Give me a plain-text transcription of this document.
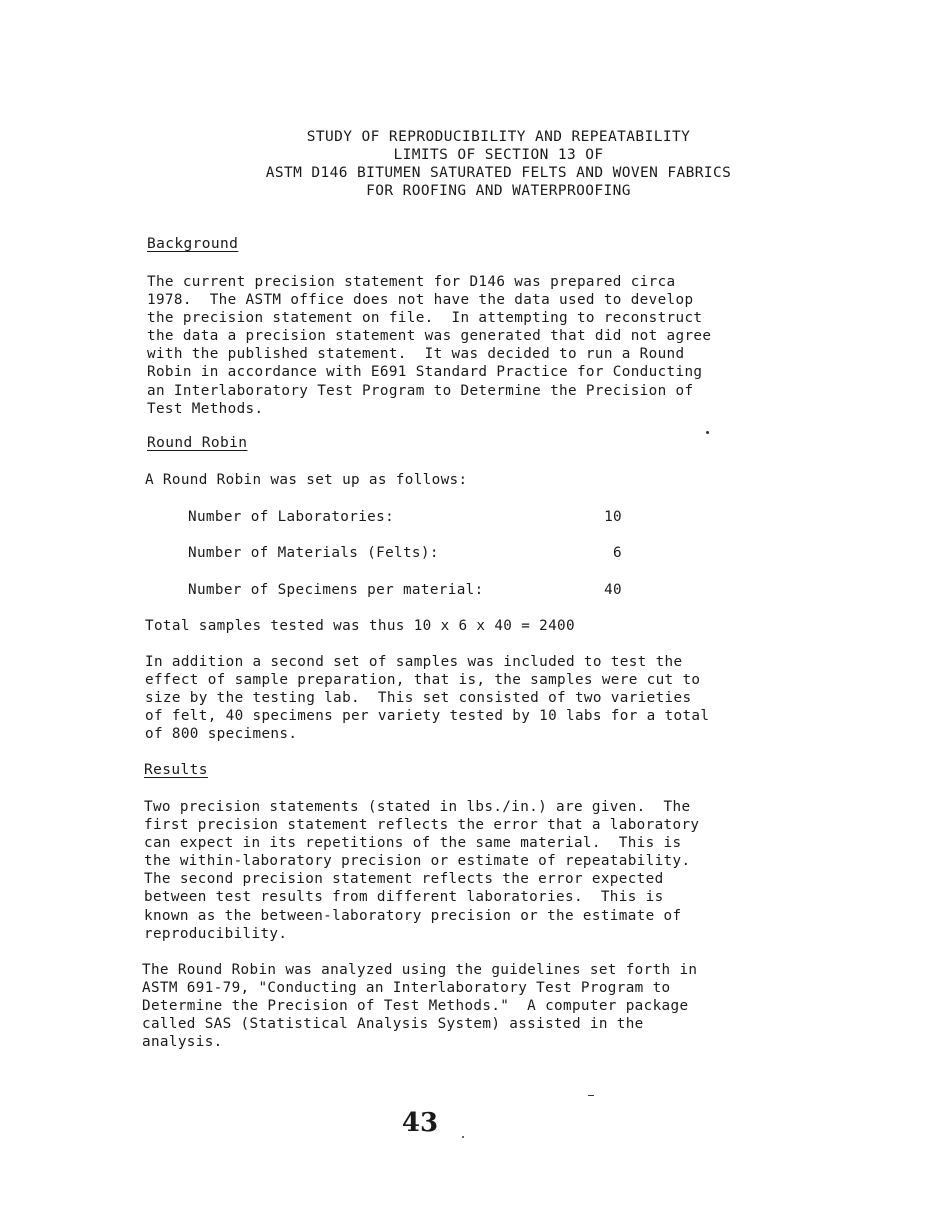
STUDY OF REPRODUCIBILITY AND REPEATABILITY
LIMITS OF SECTION 13 OF
ASTM D146 BITUMEN SATURATED FELTS AND WOVEN FABRICS
FOR ROOFING AND WATERPROOFING
Background
The current precision statement for D146 was prepared circa
1978.  The ASTM office does not have the data used to develop
the precision statement on file.  In attempting to reconstruct
the data a precision statement was generated that did not agree
with the published statement.  It was decided to run a Round
Robin in accordance with E691 Standard Practice for Conducting
an Interlaboratory Test Program to Determine the Precision of
Test Methods.
Round Robin
A Round Robin was set up as follows:
Number of Laboratories:	10
Number of Materials (Felts):	6
Number of Specimens per material:	40
Total samples tested was thus 10 x 6 x 40 = 2400
In addition a second set of samples was included to test the
effect of sample preparation, that is, the samples were cut to
size by the testing lab.  This set consisted of two varieties
of felt, 40 specimens per variety tested by 10 labs for a total
of 800 specimens.
Results
Two precision statements (stated in lbs./in.) are given.  The
first precision statement reflects the error that a laboratory
can expect in its repetitions of the same material.  This is
the within-laboratory precision or estimate of repeatability.
The second precision statement reflects the error expected
between test results from different laboratories.  This is
known as the between-laboratory precision or the estimate of
reproducibility.
The Round Robin was analyzed using the guidelines set forth in
ASTM 691-79, "Conducting an Interlaboratory Test Program to
Determine the Precision of Test Methods."  A computer package
called SAS (Statistical Analysis System) assisted in the
analysis.
43
